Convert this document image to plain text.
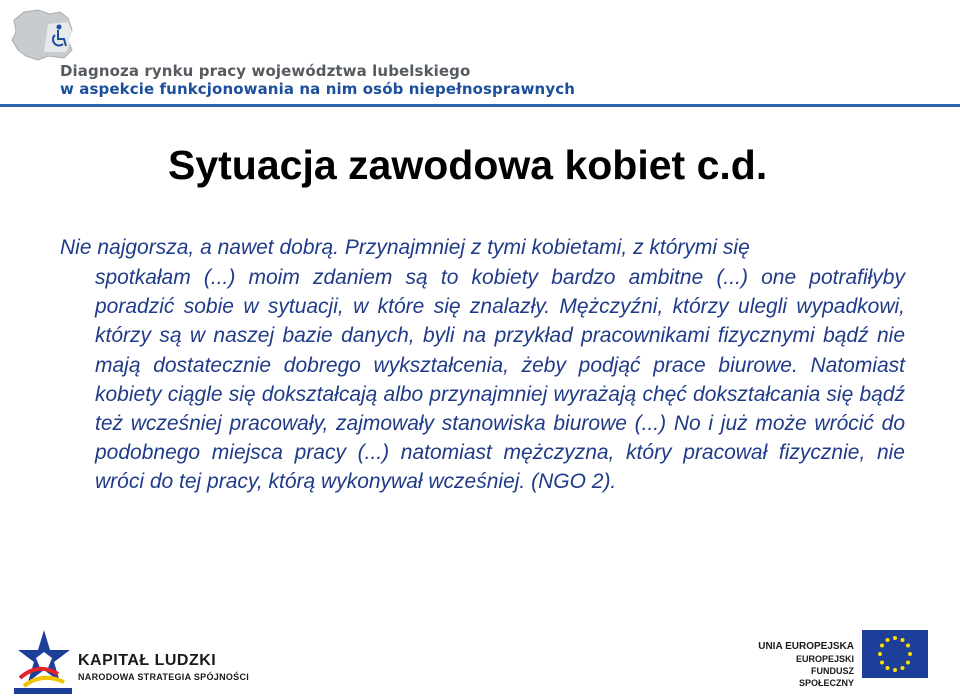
Diagnoza rynku pracy województwa lubelskiego
w aspekcie funkcjonowania na nim osób niepełnosprawnych
Sytuacja zawodowa kobiet c.d.

Nie najgorsza, a nawet dobrą. Przynajmniej z tymi kobietami, z którymi się

spotkałam (...) moim zdaniem są to kobiety bardzo ambitne (...) one potrafiłyby poradzić sobie w sytuacji, w które się znalazły. Mężczyźni, którzy ulegli wypadkowi, którzy są w naszej bazie danych, byli na przykład pracownikami fizycznymi bądź nie mają dostatecznie dobrego wykształcenia, żeby podjąć prace biurowe. Natomiast kobiety ciągle się dokształcają albo przynajmniej wyrażają chęć dokształcania się bądź też wcześniej pracowały, zajmowały stanowiska biurowe (...) No i już może wrócić do podobnego miejsca pracy (...) natomiast mężczyzna, który pracował fizycznie, nie wróci do tej pracy, którą wykonywał wcześniej. (NGO 2).

KAPITAŁ LUDZKI
NARODOWA STRATEGIA SPÓJNOŚCI
UNIA EUROPEJSKA
EUROPEJSKI
FUNDUSZ SPOŁECZNY
